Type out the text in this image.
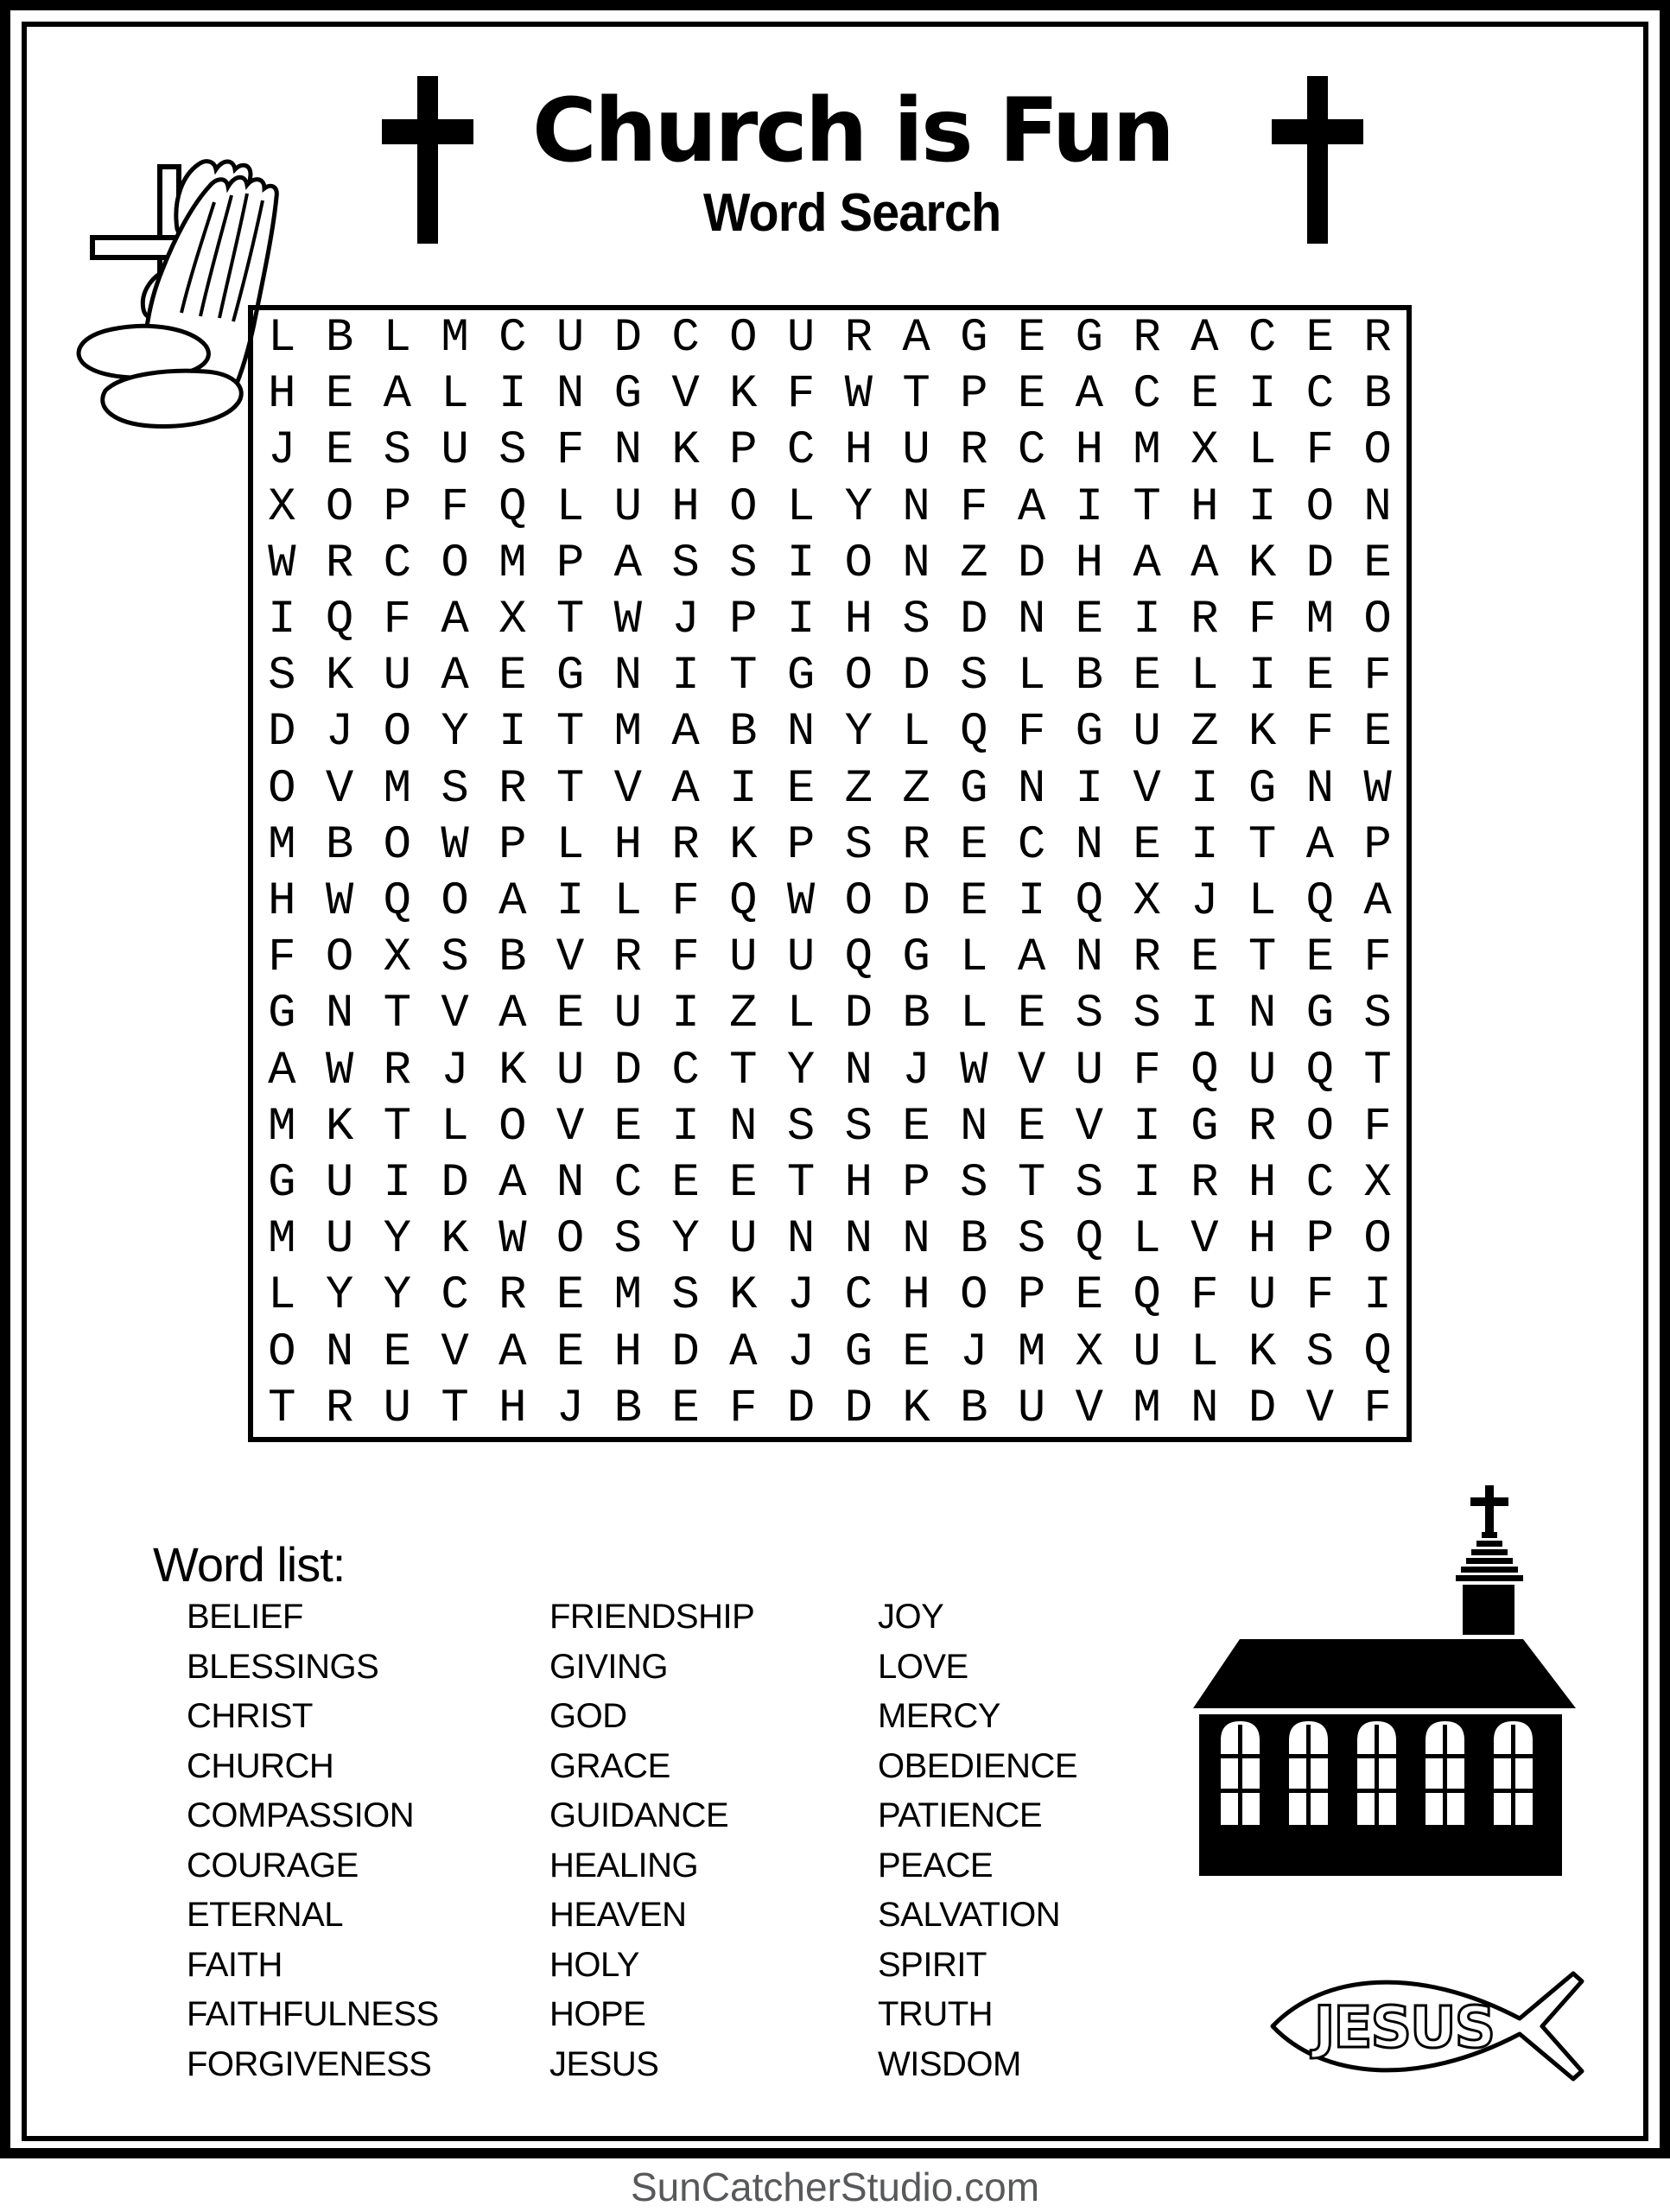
Church is Fun
Word Search
L B L M C U D C O U R A G E G R A C E R
H E A L I N G V K F W T P E A C E I C B
J E S U S F N K P C H U R C H M X L F O
X O P F Q L U H O L Y N F A I T H I O N
W R C O M P A S S I O N Z D H A A K D E
I Q F A X T W J P I H S D N E I R F M O
S K U A E G N I T G O D S L B E L I E F
D J O Y I T M A B N Y L Q F G U Z K F E
O V M S R T V A I E Z Z G N I V I G N W
M B O W P L H R K P S R E C N E I T A P
H W Q O A I L F Q W O D E I Q X J L Q A
F O X S B V R F U U Q G L A N R E T E F
G N T V A E U I Z L D B L E S S I N G S
A W R J K U D C T Y N J W V U F Q U Q T
M K T L O V E I N S S E N E V I G R O F
G U I D A N C E E T H P S T S I R H C X
M U Y K W O S Y U N N N B S Q L V H P O
L Y Y C R E M S K J C H O P E Q F U F I
O N E V A E H D A J G E J M X U L K S Q
T R U T H J B E F D D K B U V M N D V F
Word list:
BELIEF
BLESSINGS
CHRIST
CHURCH
COMPASSION
COURAGE
ETERNAL
FAITH
FAITHFULNESS
FORGIVENESS
FRIENDSHIP
GIVING
GOD
GRACE
GUIDANCE
HEALING
HEAVEN
HOLY
HOPE
JESUS
JOY
LOVE
MERCY
OBEDIENCE
PATIENCE
PEACE
SALVATION
SPIRIT
TRUTH
WISDOM
JESUS
SunCatcherStudio.com
